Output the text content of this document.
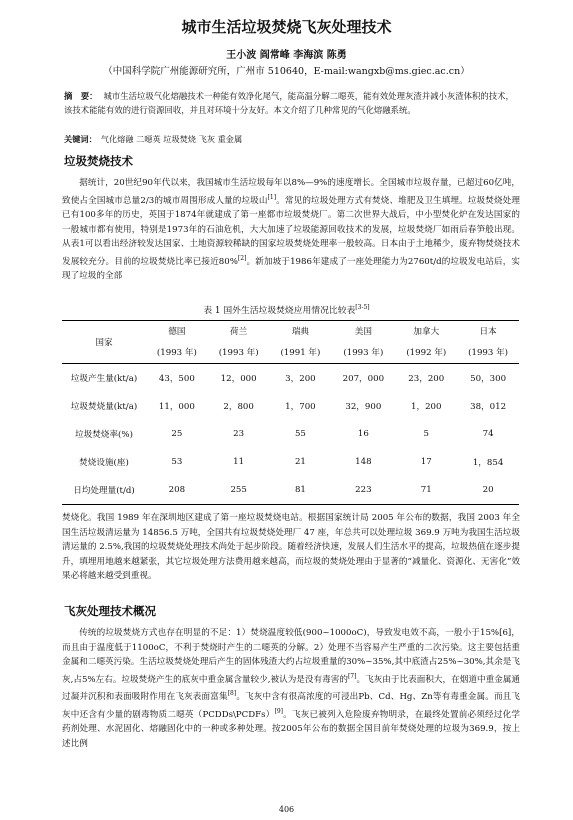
城市生活垃圾焚烧飞灰处理技术
王小波 阎常峰 李海滨 陈勇
（中国科学院广州能源研究所，广州市 510640，E-mail:wangxb@ms.giec.ac.cn）
摘　要： 城市生活垃圾气化熔融技术一种能有效净化尾气，能高温分解二噁英，能有效处理灰渣并减小灰渣体积的技术，该技术能能有效的进行资源回收，并且对环境十分友好。本文介绍了几种常见的气化熔融系统。
关键词： 气化熔融 二噁英 垃圾焚烧 飞灰 重金属
垃圾焚烧技术

据统计，20世纪90年代以来，我国城市生活垃圾每年以8%—9%的速度增长。全国城市垃圾存量，已超过60亿吨，致使占全国城市总量2/3的城市周围形成人量的垃圾山[1]。常见的垃圾处理方式有焚烧、堆肥及卫生填埋。垃圾焚烧处理已有100多年的历史，英国于1874年就建成了第一座都市垃圾焚烧厂。第二次世界大战后，中小型焚化炉在发达国家的一般城市都有使用，特别是1973年的石油危机，大大加速了垃圾能源回收技术的发展，垃圾焚烧厂如雨后春笋般出现。从表1可以看出经济较发达国家、土地资源较稀缺的国家垃圾焚烧处理率一般较高。日本由于土地稀少，废弃物焚烧技术发展较充分。目前的垃圾焚烧比率已接近80%[2]。新加坡于1986年建成了一座处理能力为2760t/d的垃圾发电站后，实现了垃圾的全部

表 1 国外生活垃圾焚烧应用情况比较表[3-5]
国家	德国	荷兰	瑞典	美国	加拿大	日本
	(1993 年)	(1993 年)	(1991 年)	(1993 年)	(1992 年)	(1993 年)
垃圾产生量(kt/a)	43，500	12，000	3，200	207，000	23，200	50，300
垃圾焚烧量(kt/a)	11，000	2，800	1，700	32，900	1，200	38，012
垃圾焚烧率(%)	25	23	55	16	5	74
焚烧设施(座)	53	11	21	148	17	1，854
日均处理量(t/d)	208	255	81	223	71	20

焚烧化。我国 1989 年在深圳地区建成了第一座垃圾焚烧电站。根据国家统计局 2005 年公布的数据，我国 2003 年全国生活垃圾清运量为 14856.5 万吨，全国共有垃圾焚烧处理厂 47 座，年总共可以处理垃圾 369.9 万吨为我国生活垃圾清运量的 2.5%,我国的垃圾焚烧处理技术尚处于起步阶段。随着经济快速，发展人们生活水平的提高，垃圾热值在逐步提升，填埋用地越来越紧张，其它垃圾处理方法费用越来越高，而垃圾的焚烧处理由于显著的“减量化、资源化、无害化”效果必将越来越受到重视。

飞灰处理技术概况

传统的垃圾焚烧方式也存在明显的不足：1）焚烧温度较低(900~1000oC)，导致发电效不高，一般小于15%[6]，而且由于温度低于1100oC，不利于焚烧时产生的二噁英的分解。2）处理不当容易产生严重的二次污染。这主要包括重金属和二噁英污染。生活垃圾焚烧处理后产生的固体残渣大约占垃圾重量的30%~35%,其中底渣占25%~30%,其余是飞灰,占5%左右。垃圾焚烧产生的底灰中重金属含量较少,被认为是没有毒害的[7]。飞灰由于比表面积大，在烟道中重金属通过凝并沉积和表面吸附作用在飞灰表面富集[8]。飞灰中含有很高浓度的可浸出Pb、Cd、Hg、Zn等有毒重金属。而且飞灰中还含有少量的剧毒物质二噁英（PCDDs\PCDFs）[9]。飞灰已被列入危险废弃物明录，在最终处置前必须经过化学药剂处理、水泥固化、熔融固化中的一种或多种处理。按2005年公布的数据全国目前年焚烧处理的垃圾为369.9，按上述比例

406
